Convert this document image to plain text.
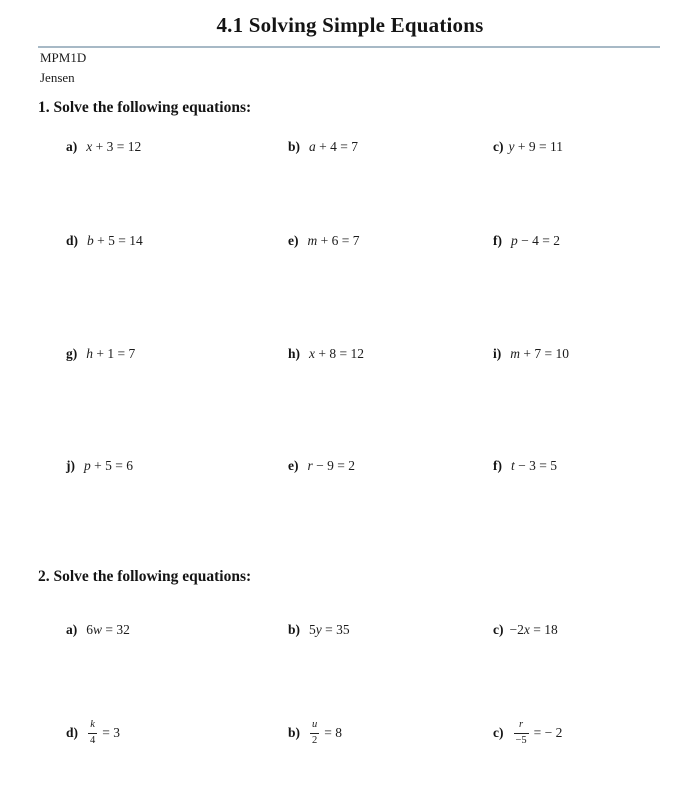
4.1 Solving Simple Equations
MPM1D
Jensen
1. Solve the following equations:
a) x + 3 = 12	b) a + 4 = 7	c) y + 9 = 11
d) b + 5 = 14	e) m + 6 = 7	f) p − 4 = 2
g) h + 1 = 7	h) x + 8 = 12	i) m + 7 = 10
j) p + 5 = 6	e) r − 9 = 2	f) t − 3 = 5
2. Solve the following equations:
a) 6w = 32	b) 5y = 35	c) −2x = 18
$d) \frac{k}{4} = 3$	$b) \frac{u}{2} = 8$	$c) \frac{r}{-5}$ = − 2
